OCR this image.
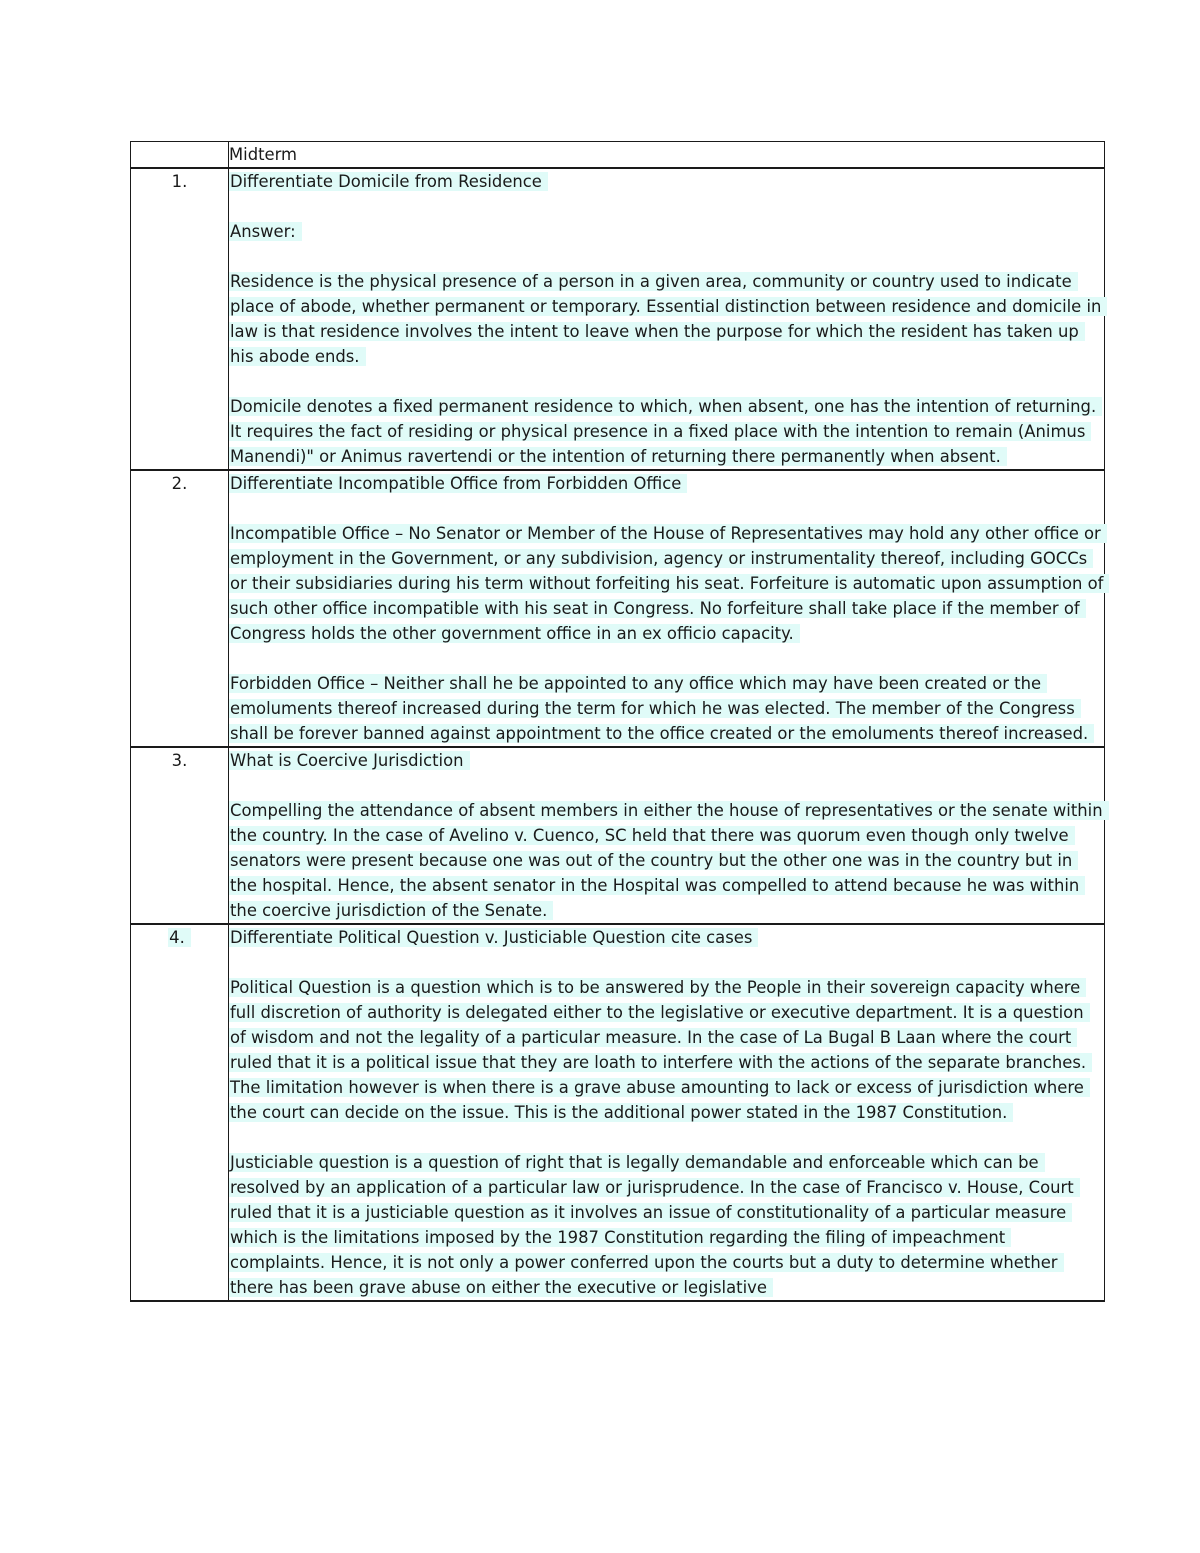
	Midterm
1.	Differentiate Domicile from Residence

Answer:

Residence is the physical presence of a person in a given area, community or country used to indicate place of abode, whether permanent or temporary. Essential distinction between residence and domicile in law is that residence involves the intent to leave when the purpose for which the resident has taken up his abode ends.

Domicile denotes a fixed permanent residence to which, when absent, one has the intention of returning. It requires the fact of residing or physical presence in a fixed place with the intention to remain (Animus Manendi)" or Animus ravertendi or the intention of returning there permanently when absent.

2.	Differentiate Incompatible Office from Forbidden Office

Incompatible Office – No Senator or Member of the House of Representatives may hold any other office or employment in the Government, or any subdivision, agency or instrumentality thereof, including GOCCs or their subsidiaries during his term without forfeiting his seat. Forfeiture is automatic upon assumption of such other office incompatible with his seat in Congress. No forfeiture shall take place if the member of Congress holds the other government office in an ex officio capacity.

Forbidden Office – Neither shall he be appointed to any office which may have been created or the emoluments thereof increased during the term for which he was elected. The member of the Congress shall be forever banned against appointment to the office created or the emoluments thereof increased.

3.	What is Coercive Jurisdiction

Compelling the attendance of absent members in either the house of representatives or the senate within the country. In the case of Avelino v. Cuenco, SC held that there was quorum even though only twelve senators were present because one was out of the country but the other one was in the country but in the hospital. Hence, the absent senator in the Hospital was compelled to attend because he was within the coercive jurisdiction of the Senate.

4.	Differentiate Political Question v. Justiciable Question cite cases

Political Question is a question which is to be answered by the People in their sovereign capacity where full discretion of authority is delegated either to the legislative or executive department. It is a question of wisdom and not the legality of a particular measure. In the case of La Bugal B Laan where the court ruled that it is a political issue that they are loath to interfere with the actions of the separate branches. The limitation however is when there is a grave abuse amounting to lack or excess of jurisdiction where the court can decide on the issue. This is the additional power stated in the 1987 Constitution.

Justiciable question is a question of right that is legally demandable and enforceable which can be resolved by an application of a particular law or jurisprudence. In the case of Francisco v. House, Court ruled that it is a justiciable question as it involves an issue of constitutionality of a particular measure which is the limitations imposed by the 1987 Constitution regarding the filing of impeachment complaints. Hence, it is not only a power conferred upon the courts but a duty to determine whether there has been grave abuse on either the executive or legislative
